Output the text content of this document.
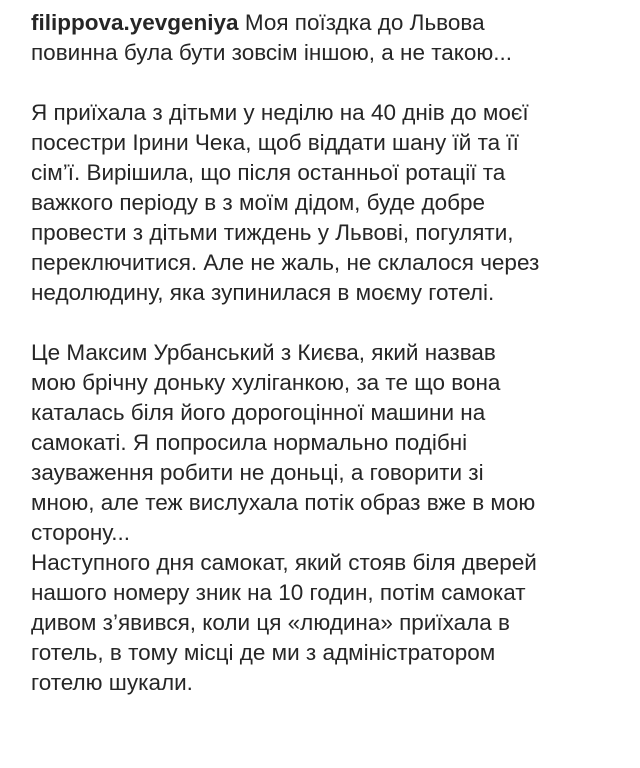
filippova.yevgeniya Моя поїздка до Львова
повинна була бути зовсім іншою, а не такою...
Я приїхала з дітьми у неділю на 40 днів до моєї
посестри Ірини Чека, щоб віддати шану їй та її
сім’ї. Вирішила, що після останньої ротації та
важкого періоду в з моїм дідом, буде добре
провести з дітьми тиждень у Львові, погуляти,
переключитися. Але не жаль, не склалося через
недолюдину, яка зупинилася в моєму готелі.
Це Максим Урбанський з Києва, який назвав
мою брічну доньку хуліганкою, за те що вона
каталась біля його дорогоцінної машини на
самокаті. Я попросила нормально подібні
зауваження робити не доньці, а говорити зі
мною, але теж вислухала потік образ вже в мою
сторону...
Наступного дня самокат, який стояв біля дверей
нашого номеру зник на 10 годин, потім самокат
дивом з’явився, коли ця «людина» приїхала в
готель, в тому місці де ми з адміністратором
готелю шукали.
